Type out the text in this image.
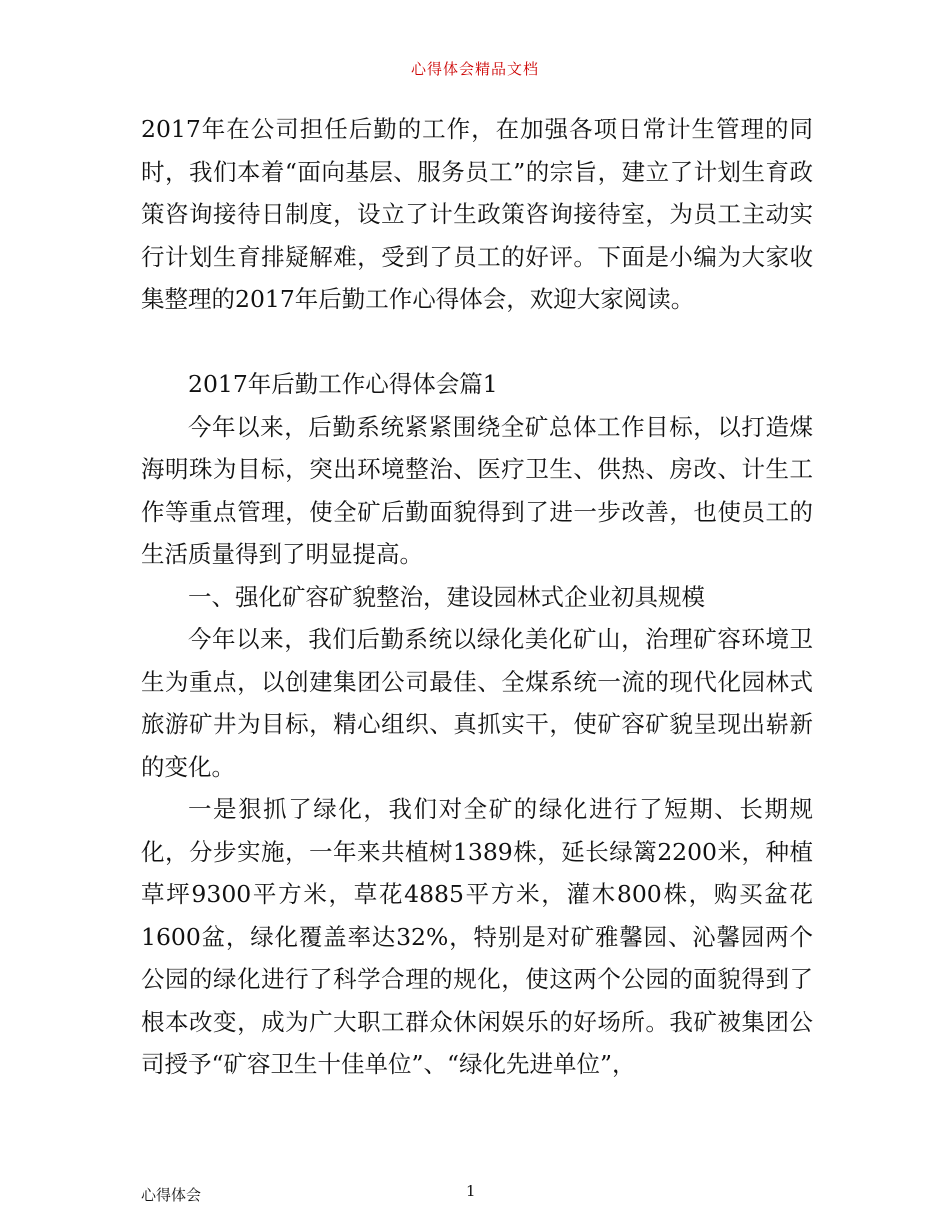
心得体会精品文档

2017年在公司担任后勤的工作，在加强各项日常计生管理的同时，我们本着“面向基层、服务员工”的宗旨，建立了计划生育政策咨询接待日制度，设立了计生政策咨询接待室，为员工主动实行计划生育排疑解难，受到了员工的好评。下面是小编为大家收集整理的2017年后勤工作心得体会，欢迎大家阅读。

2017年后勤工作心得体会篇1

今年以来，后勤系统紧紧围绕全矿总体工作目标，以打造煤海明珠为目标，突出环境整治、医疗卫生、供热、房改、计生工作等重点管理，使全矿后勤面貌得到了进一步改善，也使员工的生活质量得到了明显提高。

一、强化矿容矿貌整治，建设园林式企业初具规模

今年以来，我们后勤系统以绿化美化矿山，治理矿容环境卫生为重点，以创建集团公司最佳、全煤系统一流的现代化园林式旅游矿井为目标，精心组织、真抓实干，使矿容矿貌呈现出崭新的变化。

一是狠抓了绿化，我们对全矿的绿化进行了短期、长期规化，分步实施，一年来共植树1389株，延长绿篱2200米，种植草坪9300平方米，草花4885平方米，灌木800株，购买盆花1600盆，绿化覆盖率达32%，特别是对矿雅馨园、沁馨园两个公园的绿化进行了科学合理的规化，使这两个公园的面貌得到了根本改变，成为广大职工群众休闲娱乐的好场所。我矿被集团公司授予“矿容卫生十佳单位”、“绿化先进单位”，

心得体会	1
